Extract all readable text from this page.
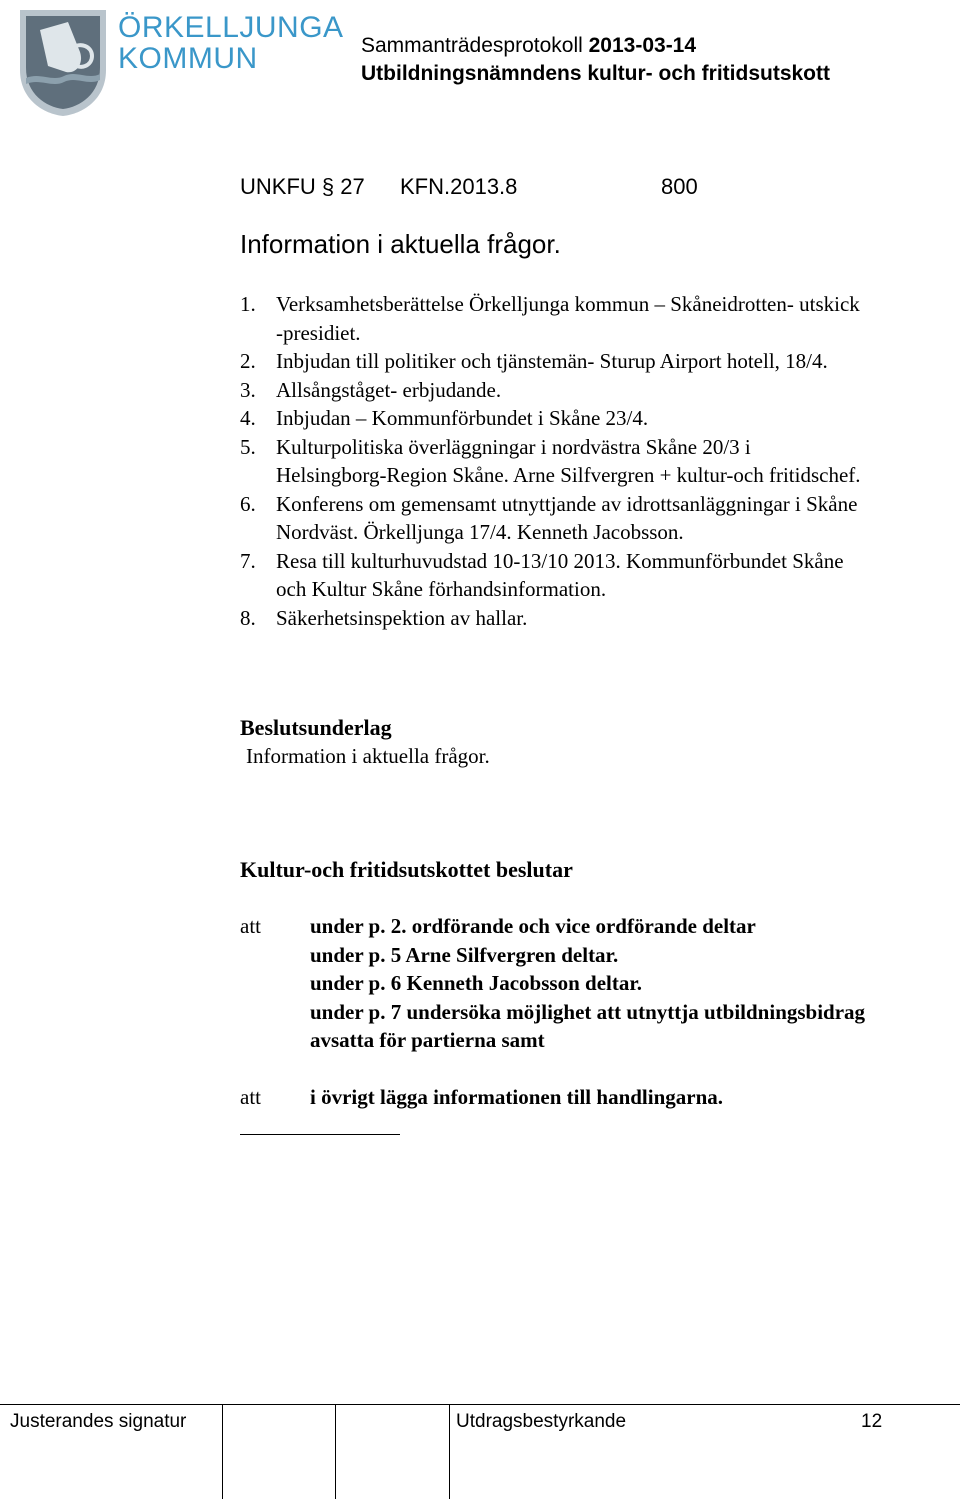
ÖRKELLJUNGA
KOMMUN	Sammanträdesprotokoll 2013-03-14
Utbildningsnämndens kultur- och fritidsutskott
UNKFU § 27 KFN.2013.8	800
Information i aktuella frågor.
1. Verksamhetsberättelse Örkelljunga kommun – Skåneidrotten- utskick
-presidiet.
2. Inbjudan till politiker och tjänstemän- Sturup Airport hotell, 18/4.
3. Allsångståget- erbjudande.
4. Inbjudan – Kommunförbundet i Skåne 23/4.
5. Kulturpolitiska överläggningar i nordvästra Skåne 20/3 i
Helsingborg-Region Skåne. Arne Silfvergren + kultur-och fritidschef.
6. Konferens om gemensamt utnyttjande av idrottsanläggningar i Skåne
Nordväst. Örkelljunga 17/4. Kenneth Jacobsson.
7. Resa till kulturhuvudstad 10-13/10 2013. Kommunförbundet Skåne
och Kultur Skåne förhandsinformation.
8. Säkerhetsinspektion av hallar.
Beslutsunderlag
Information i aktuella frågor.
Kultur-och fritidsutskottet beslutar
att under p. 2. ordförande och vice ordförande deltar
under p. 5 Arne Silfvergren deltar.
under p. 6 Kenneth Jacobsson deltar.
under p. 7 undersöka möjlighet att utnyttja utbildningsbidrag
avsatta för partierna samt
att i övrigt lägga informationen till handlingarna.
Justerandes signatur	Utdragsbestyrkande	12
